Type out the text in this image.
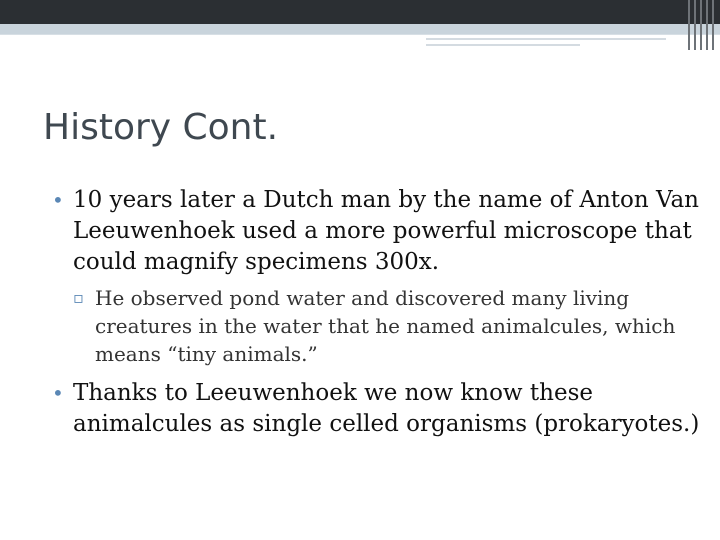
History Cont.
• 10 years later a Dutch man by the name of Anton Van Leeuwenhoek used a more powerful microscope that could magnify specimens 300x.
▫ He observed pond water and discovered many living creatures in the water that he named animalcules, which means “tiny animals.”
• Thanks to Leeuwenhoek we now know these animalcules as single celled organisms (prokaryotes.)
